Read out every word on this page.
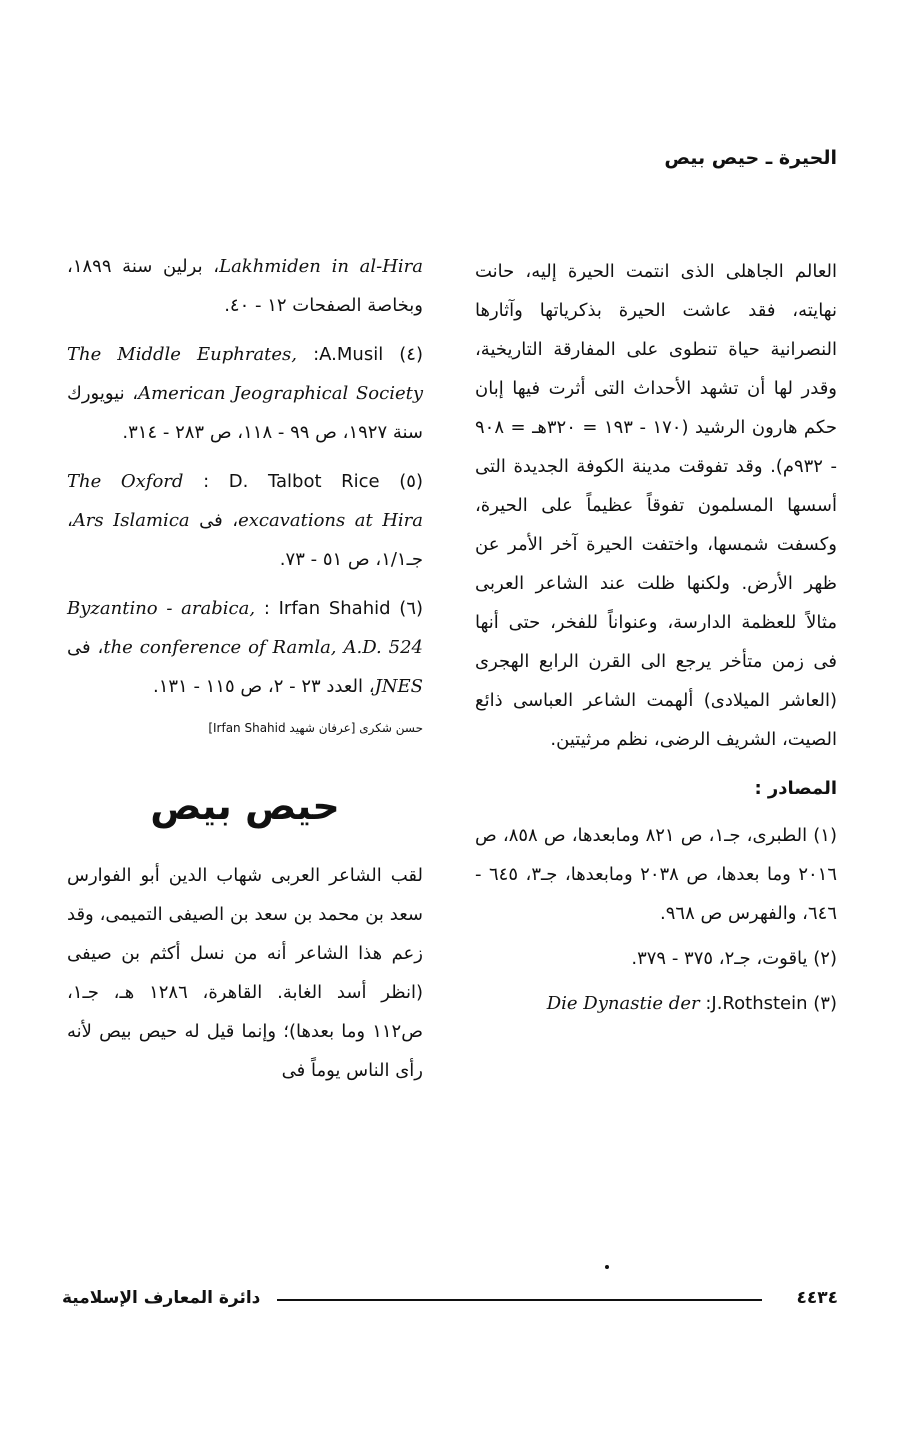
الحيرة ـ حيص بيص

العالم الجاهلى الذى انتمت الحيرة إليه، حانت نهايته، فقد عاشت الحيرة بذكرياتها وآثارها النصرانية حياة تنطوى على المفارقة التاريخية، وقدر لها أن تشهد الأحداث التى أثرت فيها إبان حكم هارون الرشيد (١٧٠ - ١٩٣ = ٣٢٠هـ = ٩٠٨ - ٩٣٢م). وقد تفوقت مدينة الكوفة الجديدة التى أسسها المسلمون تفوقاً عظيماً على الحيرة، وكسفت شمسها، واختفت الحيرة آخر الأمر عن ظهر الأرض. ولكنها ظلت عند الشاعر العربى مثالاً للعظمة الدارسة، وعنواناً للفخر، حتى أنها فى زمن متأخر يرجع الى القرن الرابع الهجرى (العاشر الميلادى) ألهمت الشاعر العباسى ذائع الصيت، الشريف الرضى، نظم مرثيتين.

المصادر :

(١) الطبرى، جـ١، ص ٨٢١ ومابعدها، ص ٨٥٨، ص ٢٠١٦ وما بعدها، ص ٢٠٣٨ ومابعدها، جـ٣، ٦٤٥ - ٦٤٦، والفهرس ص ٩٦٨.

(٢) ياقوت، جـ٢، ٣٧٥ - ٣٧٩.

(٣) J.Rothstein: Die Dynastie der

Lakhmiden in al-Hira، برلين سنة ١٨٩٩، وبخاصة الصفحات ١٢ - ٤٠.

(٤) A.Musil: The Middle Euphrates, American Jeographical Society، نيويورك سنة ١٩٢٧، ص ٩٩ - ١١٨، ص ٢٨٣ - ٣١٤.

(٥) D. Talbot Rice : The Oxford excavations at Hira، فى Ars Islamica، جـ١/١، ص ٥١ - ٧٣.

(٦) Irfan Shahid : Byzantino - arabica, the conference of Ramla, A.D. 524، فى JNES، العدد ٢٣ - ٢، ص ١١٥ - ١٣١.

حسن شكرى [عرفان شهيد Irfan Shahid]

حيص بيص

لقب الشاعر العربى شهاب الدين أبو الفوارس سعد بن محمد بن سعد بن الصيفى التميمى، وقد زعم هذا الشاعر أنه من نسل أكثم بن صيفى (انظر أسد الغابة. القاهرة، ١٢٨٦ هـ، جـ١، ص١١٢ وما بعدها)؛ وإنما قيل له حيص بيص لأنه رأى الناس يوماً فى

٤٤٣٤
دائرة المعارف الإسلامية
